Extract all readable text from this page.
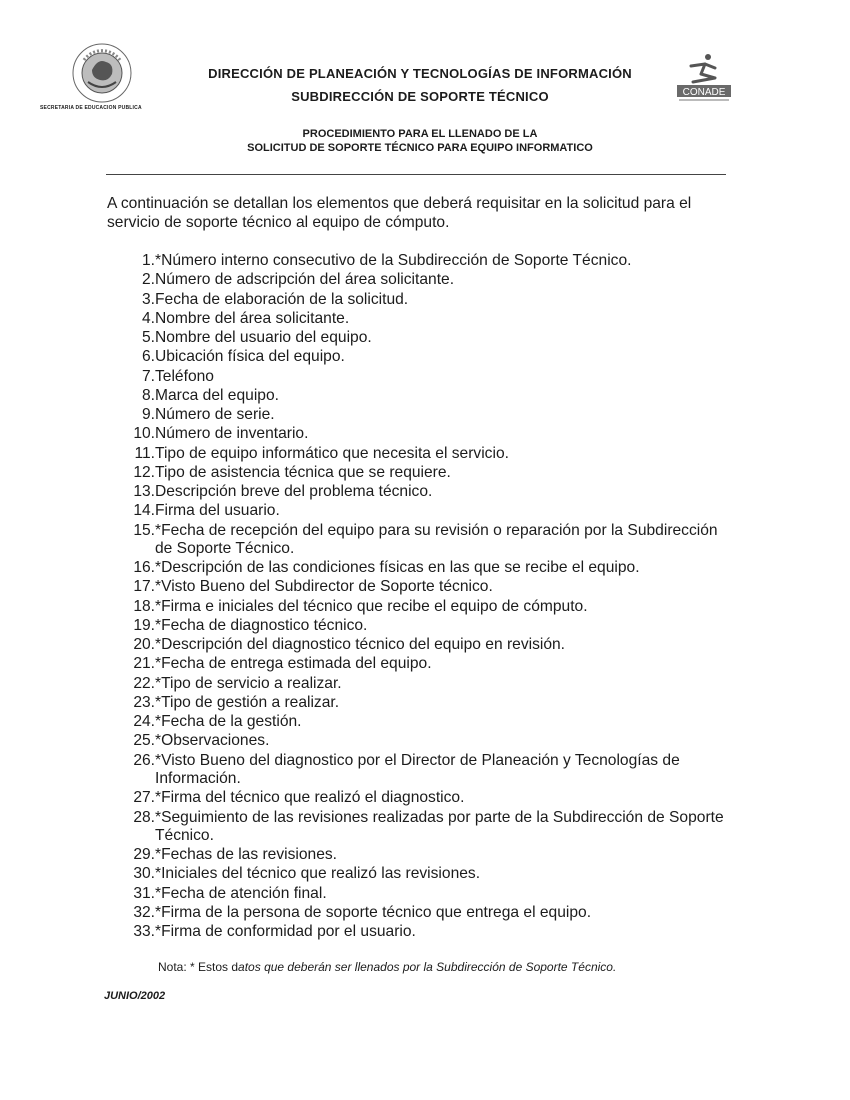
SECRETARIA DE EDUCACION PUBLICA
DIRECCIÓN DE PLANEACIÓN Y TECNOLOGÍAS DE INFORMACIÓN
SUBDIRECCIÓN DE SOPORTE TÉCNICO	CONADE
PROCEDIMIENTO PARA EL LLENADO DE LA
SOLICITUD DE SOPORTE TÉCNICO PARA EQUIPO INFORMATICO
A continuación se detallan los elementos que deberá requisitar en la solicitud para el servicio de soporte técnico al equipo de cómputo.
1. *Número interno consecutivo de la Subdirección de Soporte Técnico.
2. Número de adscripción del área solicitante.
3. Fecha de elaboración de la solicitud.
4. Nombre del área solicitante.
5. Nombre del usuario del equipo.
6. Ubicación física del equipo.
7. Teléfono
8. Marca del equipo.
9. Número de serie.
10. Número de inventario.
11. Tipo de equipo informático que necesita el servicio.
12. Tipo de asistencia técnica que se requiere.
13. Descripción breve del problema técnico.
14. Firma del usuario.
15. *Fecha de recepción del equipo para su revisión o reparación por la Subdirección de Soporte Técnico.
16. *Descripción de las condiciones físicas en las que se recibe el equipo.
17. *Visto Bueno del Subdirector de Soporte técnico.
18. *Firma e iniciales del técnico que recibe el equipo de cómputo.
19. *Fecha de diagnostico técnico.
20. *Descripción del diagnostico técnico del equipo en revisión.
21. *Fecha de entrega estimada del equipo.
22. *Tipo de servicio a realizar.
23. *Tipo de gestión a realizar.
24. *Fecha de la gestión.
25. *Observaciones.
26. *Visto Bueno del diagnostico por el Director de Planeación y Tecnologías de Información.
27. *Firma del técnico que realizó el diagnostico.
28. *Seguimiento de las revisiones realizadas por parte de la Subdirección de Soporte Técnico.
29. *Fechas de las revisiones.
30. *Iniciales del técnico que realizó las revisiones.
31. *Fecha de atención final.
32. *Firma de la persona de soporte técnico que entrega el equipo.
33. *Firma de conformidad por el usuario.
Nota: * Estos datos que deberán ser llenados por la Subdirección de Soporte Técnico.
JUNIO/2002
